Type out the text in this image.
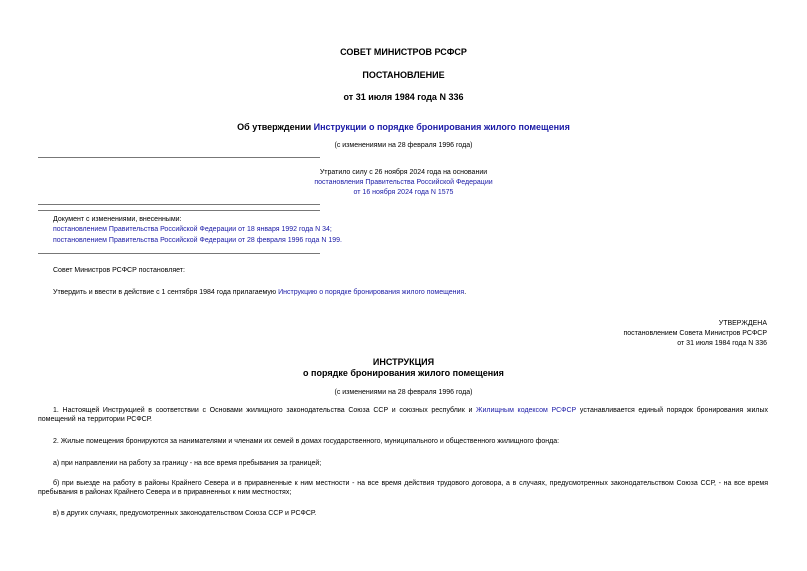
СОВЕТ МИНИСТРОВ РСФСР
ПОСТАНОВЛЕНИЕ
от 31 июля 1984 года N 336
Об утверждении Инструкции о порядке бронирования жилого помещения
(с изменениями на 28 февраля 1996 года)
Утратило силу с 26 ноября 2024 года на основании
постановления Правительства Российской Федерации
от 16 ноября 2024 года N 1575
Документ с изменениями, внесенными:
постановлением Правительства Российской Федерации от 18 января 1992 года N 34;
постановлением Правительства Российской Федерации от 28 февраля 1996 года N 199.
Совет Министров РСФСР постановляет:
Утвердить и ввести в действие с 1 сентября 1984 года прилагаемую Инструкцию о порядке бронирования жилого помещения.
УТВЕРЖДЕНА
постановлением Совета Министров РСФСР
от 31 июля 1984 года N 336
ИНСТРУКЦИЯ
о порядке бронирования жилого помещения
(с изменениями на 28 февраля 1996 года)
1. Настоящей Инструкцией в соответствии с Основами жилищного законодательства Союза ССР и союзных республик и Жилищным кодексом РСФСР устанавливается единый порядок бронирования жилых помещений на территории РСФСР.
2. Жилые помещения бронируются за нанимателями и членами их семей в домах государственного, муниципального и общественного жилищного фонда:
а) при направлении на работу за границу - на все время пребывания за границей;
б) при выезде на работу в районы Крайнего Севера и в приравненные к ним местности - на все время действия трудового договора, а в случаях, предусмотренных законодательством Союза ССР, - на все время пребывания в районах Крайнего Севера и в приравненных к ним местностях;
в) в других случаях, предусмотренных законодательством Союза ССР и РСФСР.
